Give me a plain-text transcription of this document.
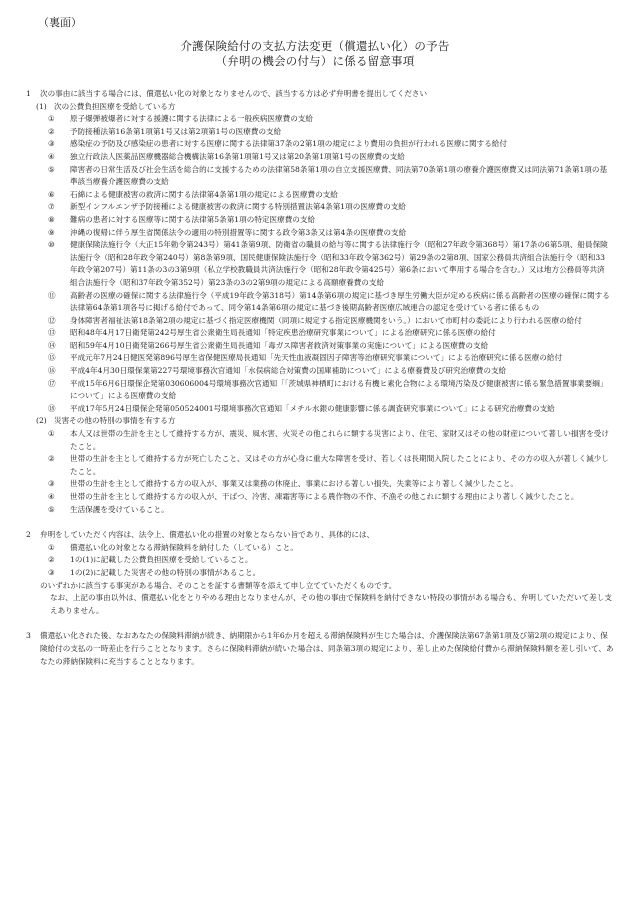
（裏面）
介護保険給付の支払方法変更（償還払い化）の予告
（弁明の機会の付与）に係る留意事項
1 次の事由に該当する場合には、償還払い化の対象となりませんので、該当する方は必ず弁明書を提出してください
(1) 次の公費負担医療を受給している方
① 原子爆弾被爆者に対する援護に関する法律による一般疾病医療費の支給
② 予防接種法第16条第1項第1号又は第2項第1号の医療費の支給
③ 感染症の予防及び感染症の患者に対する医療に関する法律第37条の2第1項の規定により費用の負担が行われる医療に関する給付
④ 独立行政法人医薬品医療機器総合機構法第16条第1項第1号又は第20条第1項第1号の医療費の支給
⑤ 障害者の日常生活及び社会生活を総合的に支援するための法律第58条第1項の自立支援医療費、同法第70条第1項の療養介護医療費又は同法第71条第1項の基準該当療養介護医療費の支給
⑥ 石綿による健康被害の救済に関する法律第4条第1項の規定による医療費の支給
⑦ 新型インフルエンザ予防接種による健康被害の救済に関する特別措置法第4条第1項の医療費の支給
⑧ 難病の患者に対する医療等に関する法律第5条第1項の特定医療費の支給
⑨ 沖縄の復帰に伴う厚生省関係法令の適用の特別措置等に関する政令第3条又は第4条の医療費の支給
⑩ 健康保険法施行令（大正15年勅令第243号）第41条第9項、防衛省の職員の給与等に関する法律施行令（昭和27年政令第368号）第17条の6第5項、船員保険法施行令（昭和28年政令第240号）第8条第9項、国民健康保険法施行令（昭和33年政令第362号）第29条の2第8項、国家公務員共済組合法施行令（昭和33年政令第207号）第11条の3の3第9項（私立学校教職員共済法施行令（昭和28年政令第425号）第6条において準用する場合を含む。）又は地方公務員等共済組合法施行令（昭和37年政令第352号）第23条の3の2第9項の規定による高額療養費の支給
⑪ 高齢者の医療の確保に関する法律施行令（平成19年政令第318号）第14条第6項の規定に基づき厚生労働大臣が定める疾病に係る高齢者の医療の確保に関する法律第64条第1項各号に掲げる給付であって、同令第14条第6項の規定に基づき後期高齢者医療広域連合の認定を受けている者に係るもの
⑫ 身体障害者福祉法第18条第2項の規定に基づく指定医療機関（同項に規定する指定医療機関をいう。）において市町村の委託により行われる医療の給付
⑬ 昭和48年4月17日衛発第242号厚生省公衆衛生局長通知「特定疾患治療研究事業について」による治療研究に係る医療の給付
⑭ 昭和59年4月10日衛発第266号厚生省公衆衛生局長通知「毒ガス障害者救済対策事業の実施について」による医療費の支給
⑮ 平成元年7月24日健医発第896号厚生省保健医療局長通知「先天性血液凝固因子障害等治療研究事業について」による治療研究に係る医療の給付
⑯ 平成4年4月30日環保業第227号環境事務次官通知「水俣病総合対策費の国庫補助について」による療養費及び研究治療費の支給
⑰ 平成15年6月6日環保企発第030606004号環境事務次官通知「「茨城県神栖町における有機ヒ素化合物による環境汚染及び健康被害に係る緊急措置事業要綱」について」による医療費の支給
⑱ 平成17年5月24日環保企発第050524001号環境事務次官通知「メチル水銀の健康影響に係る調査研究事業について」による研究治療費の支給
(2) 災害その他の特別の事情を有する方
① 本人又は世帯の生計を主として維持する方が、震災、風水害、火災その他これらに類する災害により、住宅、家財又はその他の財産について著しい損害を受けたこと。
② 世帯の生計を主として維持する方が死亡したこと、又はその方が心身に重大な障害を受け、若しくは長期間入院したことにより、その方の収入が著しく減少したこと。
③ 世帯の生計を主として維持する方の収入が、事業又は業務の休廃止、事業における著しい損失、失業等により著しく減少したこと。
④ 世帯の生計を主として維持する方の収入が、干ばつ、冷害、凍霜害等による農作物の不作、不漁その他これに類する理由により著しく減少したこと。
⑤ 生活保護を受けていること。
2 弁明をしていただく内容は、法令上、償還払い化の措置の対象とならない旨であり、具体的には、
① 償還払い化の対象となる滞納保険料を納付した（している）こと。
② 1の(1)に記載した公費負担医療を受給していること。
③ 1の(2)に記載した災害その他の特別の事情があること。
のいずれかに該当する事実がある場合、そのことを証する書類等を添えて申し立てていただくものです。
なお、上記の事由以外は、償還払い化をとりやめる理由となりませんが、その他の事由で保険料を納付できない特段の事情がある場合も、弁明していただいて差し支えありません。
3 償還払い化された後、なおあなたの保険料滞納が続き、納期限から1年6か月を超える滞納保険料が生じた場合は、介護保険法第67条第1項及び第2項の規定により、保険給付の支払の一時差止を行うこととなります。さらに保険料滞納が続いた場合は、同条第3項の規定により、差し止めた保険給付費から滞納保険料額を差し引いて、あなたの滞納保険料に充当することとなります。
